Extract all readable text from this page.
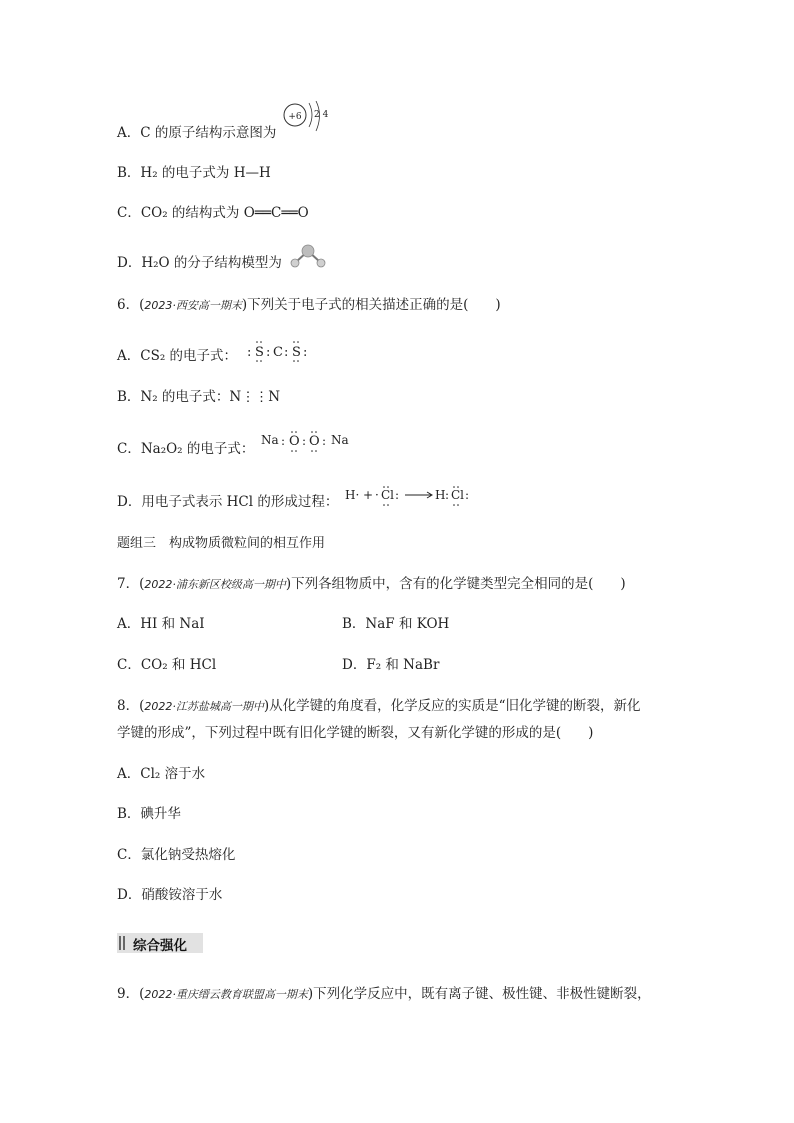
A．C 的原子结构示意图为
+6 2 4
B．H₂ 的电子式为 H—H
C．CO₂ 的结构式为 O══C══O
D．H₂O 的分子结构模型为
6．(2023·西安高一期末)下列关于电子式的相关描述正确的是(　　)
A．CS₂ 的电子式： : S : C : S :
B．N₂ 的电子式：N⋮⋮N
C．Na₂O₂ 的电子式：
Na : O : O : Na
D．用电子式表示 HCl 的形成过程： H· + · Cl :	H : Cl :
题组三　构成物质微粒间的相互作用
7．(2022·浦东新区校级高一期中)下列各组物质中，含有的化学键类型完全相同的是(　　)
A．HI 和 NaI	B．NaF 和 KOH
C．CO₂ 和 HCl	D．F₂ 和 NaBr
8．(2022·江苏盐城高一期中)从化学键的角度看，化学反应的实质是“旧化学键的断裂，新化
学键的形成”，下列过程中既有旧化学键的断裂，又有新化学键的形成的是(　　)
A．Cl₂ 溶于水
B．碘升华
C．氯化钠受热熔化
D．硝酸铵溶于水
综合强化
9．(2022·重庆缙云教育联盟高一期末)下列化学反应中，既有离子键、极性键、非极性键断裂，
